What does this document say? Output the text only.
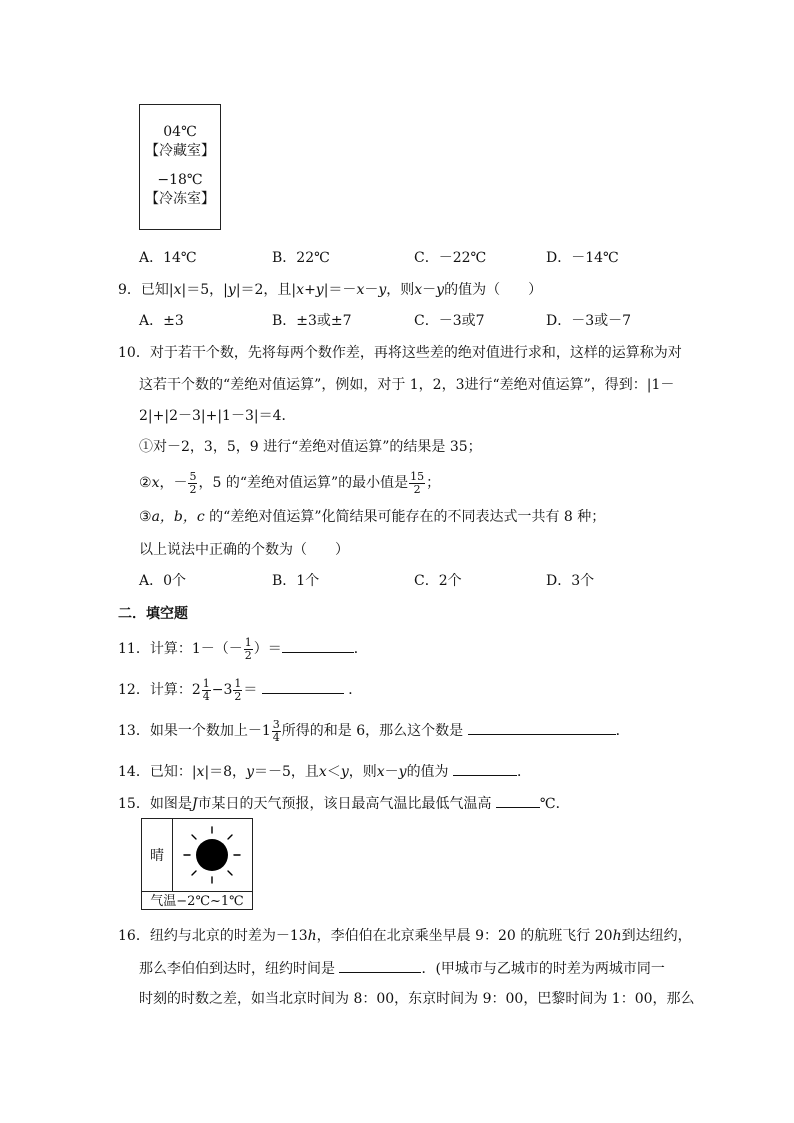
04℃
【冷藏室】
−18℃
【冷冻室】
A．14℃	B．22℃	C．－22℃	D．－14℃
9．已知|x|＝5，|y|＝2，且|x+y|＝－x－y，则x－y的值为（　　）
A．±3	B．±3或±7	C．－3或7	D．－3或－7
10．对于若干个数，先将每两个数作差，再将这些差的绝对值进行求和，这样的运算称为对
这若干个数的“差绝对值运算”，例如，对于 1，2，3进行“差绝对值运算”，得到：|1－
2|+|2－3|+|1－3|＝4．
①对－2，3，5，9 进行“差绝对值运算”的结果是 35；
②x，－ $\frac{5}{2}$ ，5 的“差绝对值运算”的最小值是 $\frac{15}{2}$ ；
③a，b，c 的“差绝对值运算”化简结果可能存在的不同表达式一共有 8 种；
以上说法中正确的个数为（　　）
A．0个	B．1个	C．2个	D．3个
二．填空题
11．计算：$1-(- \frac{1}{2}$ ）＝	．
12．计算：$2 \frac{1}{4} -3 \frac{1}{2}$ ＝	．
13．如果一个数加上$-1 \frac{3}{4}$ 所得的和是 6，那么这个数是	．
14．已知：|x|＝8，y＝－5，且x＜y，则x－y的值为	．
15．如图是J市某日的天气预报，该日最高气温比最低气温高	℃．
晴
气温−2℃~1℃
16．纽约与北京的时差为－13h，李伯伯在北京乘坐早晨 9：20 的航班飞行 20h到达纽约，
那么李伯伯到达时，纽约时间是	．(甲城市与乙城市的时差为两城市同一
时刻的时数之差，如当北京时间为 8：00，东京时间为 9：00，巴黎时间为 1：00，那么
